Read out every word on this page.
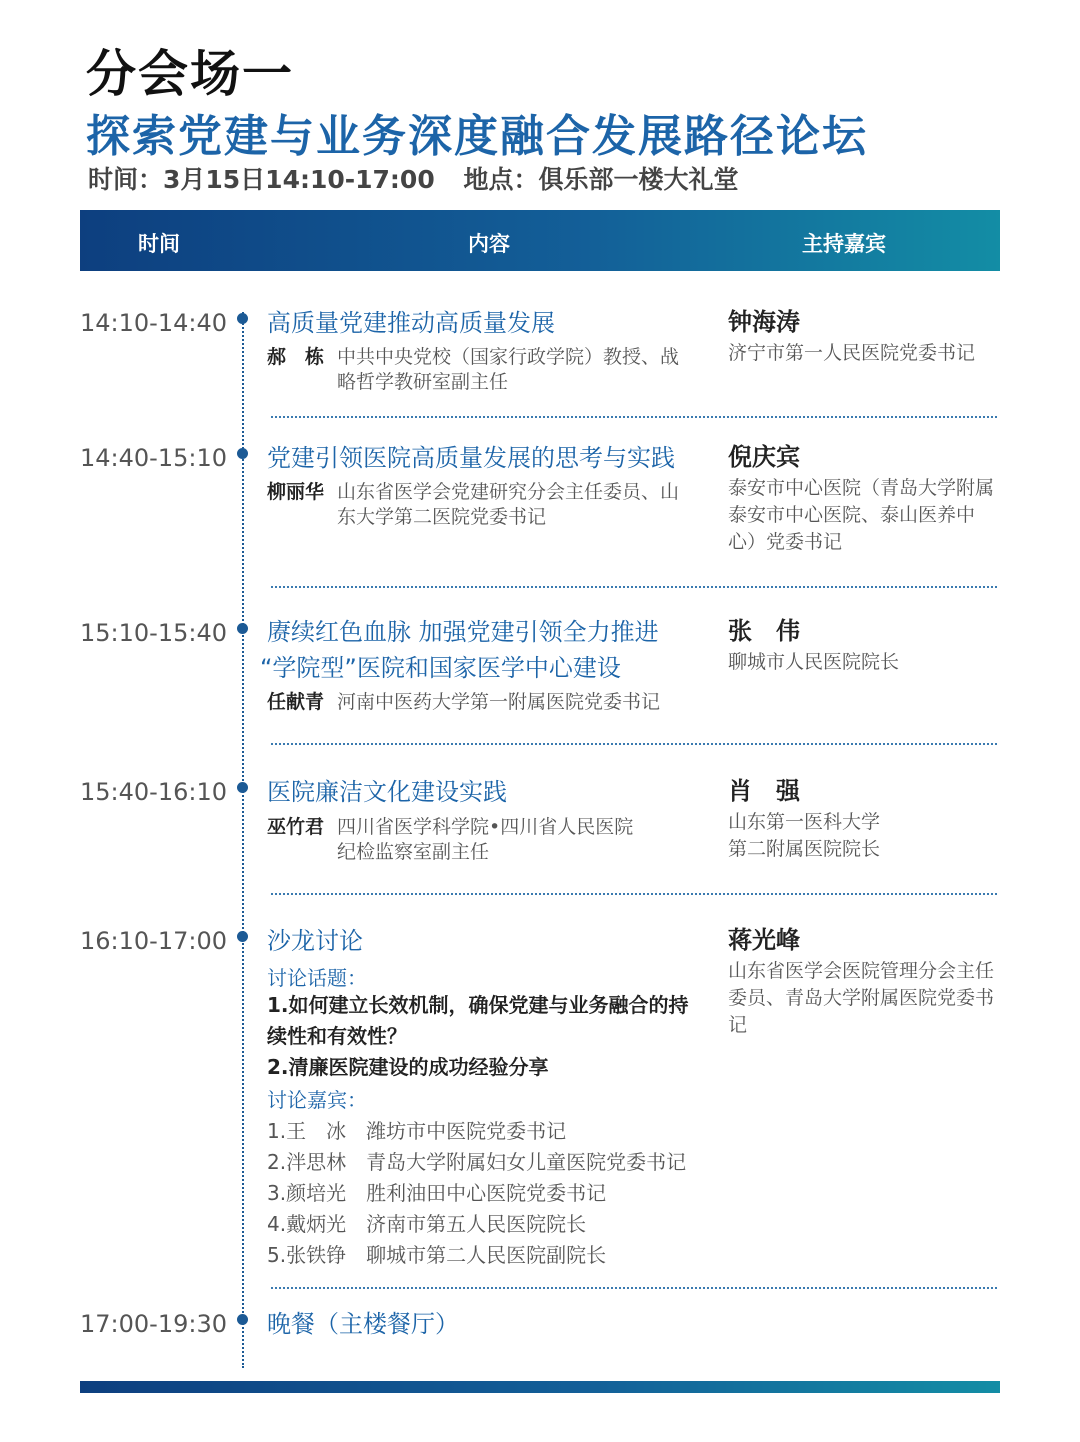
分会场一
探索党建与业务深度融合发展路径论坛
时间：3月15日14:10-17:00 地点：俱乐部一楼大礼堂
时间	内容	主持嘉宾
14:10-14:40 高质量党建推动高质量发展
郝　栋 中共中央党校（国家行政学院）教授、战略哲学教研室副主任
钟海涛
济宁市第一人民医院党委书记
14:40-15:10 党建引领医院高质量发展的思考与实践
柳丽华 山东省医学会党建研究分会主任委员、山东大学第二医院党委书记
倪庆宾
泰安市中心医院（青岛大学附属泰安市中心医院、泰山医养中心）党委书记
15:10-15:40 赓续红色血脉 加强党建引领全力推进
“学院型”医院和国家医学中心建设
任献青 河南中医药大学第一附属医院党委书记
张　伟
聊城市人民医院院长
15:40-16:10 医院廉洁文化建设实践
巫竹君 四川省医学科学院•四川省人民医院
纪检监察室副主任
肖　强
山东第一医科大学
第二附属医院院长
16:10-17:00 沙龙讨论
讨论话题：
1.如何建立长效机制，确保党建与业务融合的持续性和有效性？
2.清廉医院建设的成功经验分享
讨论嘉宾：
1.王　冰　潍坊市中医院党委书记
2.泮思林　青岛大学附属妇女儿童医院党委书记
3.颜培光　胜利油田中心医院党委书记
4.戴炳光　济南市第五人民医院院长
5.张铁铮　聊城市第二人民医院副院长
蒋光峰
山东省医学会医院管理分会主任委员、青岛大学附属医院党委书记
17:00-19:30 晚餐（主楼餐厅）
